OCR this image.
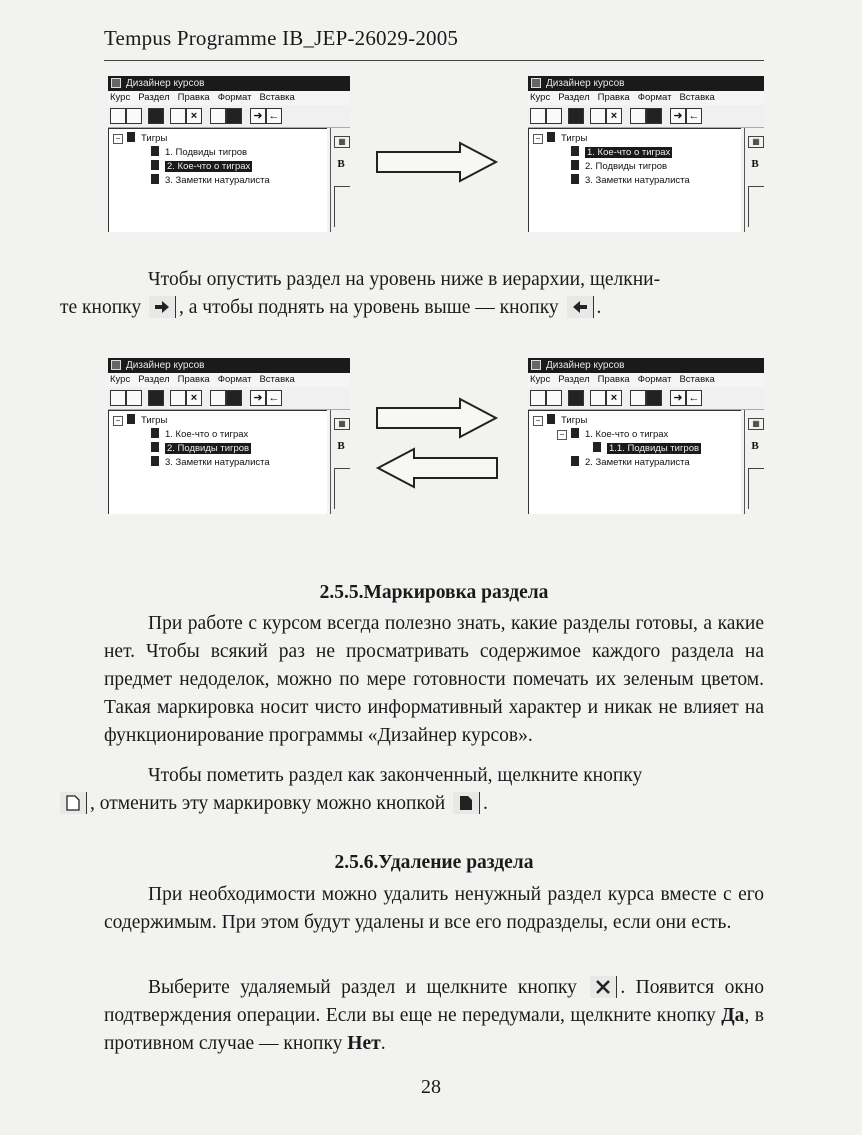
Tempus Programme IB_JEP-26029-2005
Дизайнер курсов
Курс Раздел Правка Формат Вставка
×	➜ ←
− Тигры
1. Подвиды тигров
2. Кое-что о тиграх
3. Заметки натуралиста
▦
B
Дизайнер курсов
Курс Раздел Правка Формат Вставка
×	➜ ←
− Тигры
1. Кое-что о тиграх
2. Подвиды тигров
3. Заметки натуралиста
▦
B
Чтобы опустить раздел на уровень ниже в иерархии, щелкни-
те кнопку , а чтобы поднять на уровень выше — кнопку .
Дизайнер курсов
Курс Раздел Правка Формат Вставка
×	➜ ←
− Тигры
1. Кое-что о тиграх
2. Подвиды тигров
3. Заметки натуралиста
▦
B
Дизайнер курсов
Курс Раздел Правка Формат Вставка
×	➜ ←
− Тигры
− 1. Кое-что о тиграх
1.1. Подвиды тигров
2. Заметки натуралиста
▦
B
2.5.5.Маркировка раздела
При работе с курсом всегда полезно знать, какие разделы готовы, а какие нет. Чтобы всякий раз не просматривать содержимое каждого раздела на предмет недоделок, можно по мере готовности помечать их зеленым цветом. Такая маркировка носит чисто информативный характер и никак не влияет на функционирование программы «Дизайнер курсов».
Чтобы пометить раздел как законченный, щелкните кнопку

, отменить эту маркировку можно кнопкой .
2.5.6.Удаление раздела
При необходимости можно удалить ненужный раздел курса вместе с его содержимым. При этом будут удалены и все его подразделы, если они есть.
Выберите удаляемый раздел и щелкните кнопку . Появится окно подтверждения операции. Если вы еще не передумали, щелкните кнопку Да, в противном случае — кнопку Нет.
28
